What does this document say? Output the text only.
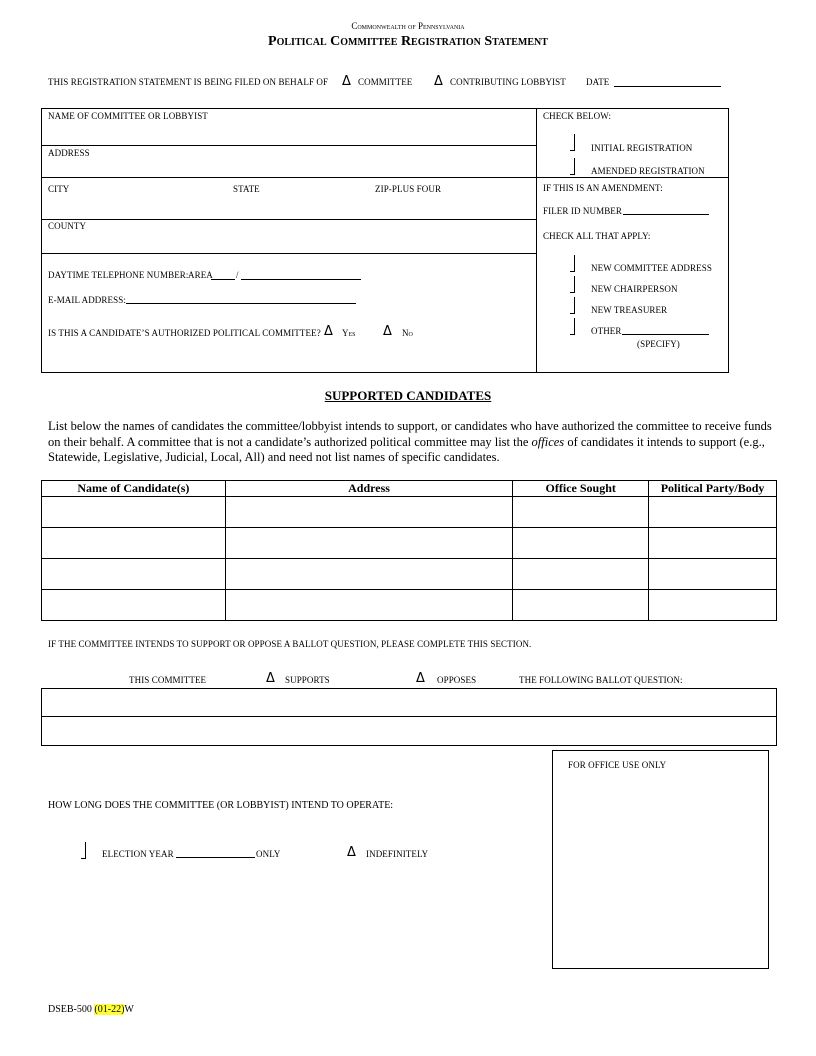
Commonwealth of Pennsylvania
Political Committee Registration Statement
THIS REGISTRATION STATEMENT IS BEING FILED ON BEHALF OF Δ COMMITTEE Δ CONTRIBUTING LOBBYIST DATE
NAME OF COMMITTEE OR LOBBYIST
ADDRESS
CITY	STATE	ZIP-PLUS FOUR
COUNTY
DAYTIME TELEPHONE NUMBER: AREA	/
E-MAIL ADDRESS:
IS THIS A CANDIDATE’S AUTHORIZED POLITICAL COMMITTEE? Δ Yes Δ No
CHECK BELOW:
INITIAL REGISTRATION
AMENDED REGISTRATION
IF THIS IS AN AMENDMENT:
FILER ID NUMBER
CHECK ALL THAT APPLY:
NEW COMMITTEE ADDRESS
NEW CHAIRPERSON
NEW TREASURER
OTHER
(SPECIFY)
SUPPORTED CANDIDATES
List below the names of candidates the committee/lobbyist intends to support, or candidates who have authorized the committee to receive funds on their behalf. A committee that is not a candidate’s authorized political committee may list the offices of candidates it intends to support (e.g., Statewide, Legislative, Judicial, Local, All) and need not list names of specific candidates.
Name of Candidate(s)	Address	Office Sought	Political Party/Body

IF THE COMMITTEE INTENDS TO SUPPORT OR OPPOSE A BALLOT QUESTION, PLEASE COMPLETE THIS SECTION.
THIS COMMITTEE	Δ SUPPORTS	Δ OPPOSES	THE FOLLOWING BALLOT QUESTION:
HOW LONG DOES THE COMMITTEE (OR LOBBYIST) INTEND TO OPERATE:
ELECTION YEAR	ONLY	Δ INDEFINITELY
FOR OFFICE USE ONLY
DSEB-500 (01-22)W
